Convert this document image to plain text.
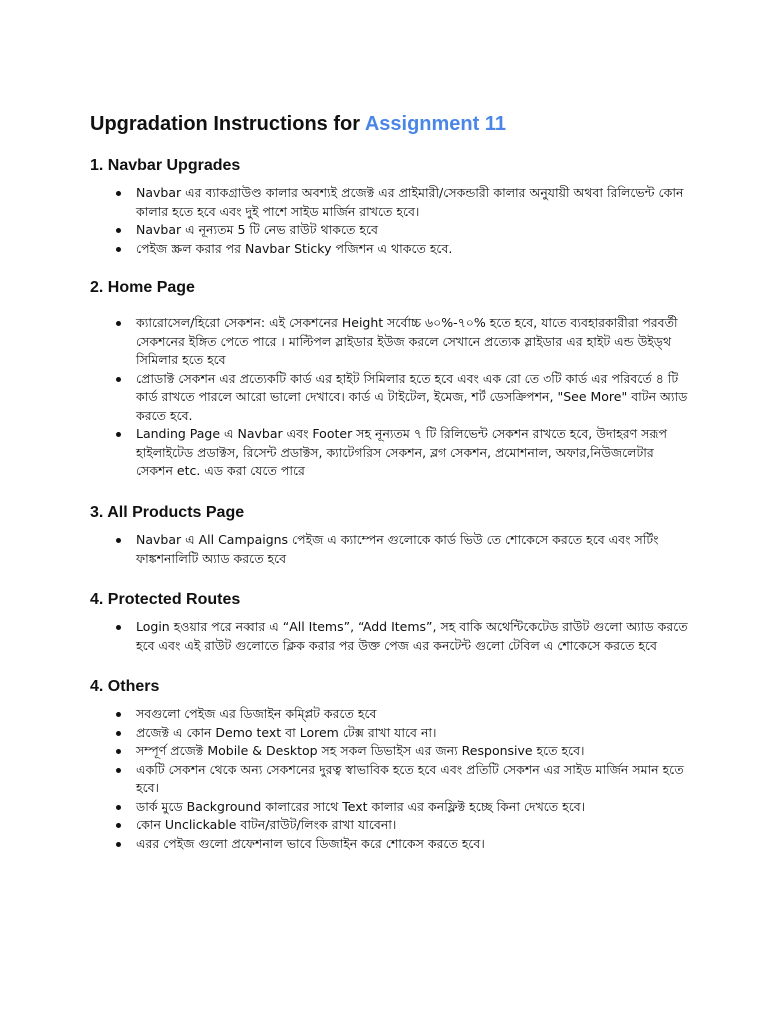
Upgradation Instructions for Assignment 11
1. Navbar Upgrades
Navbar এর ব্যাকগ্রাউণ্ড কালার অবশ্যই প্রজেক্ট এর প্রাইমারী/সেকন্ডারী কালার অনুযায়ী অথবা রিলিভেন্ট কোন কালার হতে হবে এবং দুই পাশে সাইড মার্জিন রাখতে হবে।
Navbar এ নূন্যতম 5 টি নেভ রাউট থাকতে হবে
পেইজ স্ক্রল করার পর Navbar Sticky পজিশন এ থাকতে হবে.
2. Home Page
ক্যারোসেল/হিরো সেকশন: এই সেকশনের Height সর্বোচ্চ ৬০%-৭০% হতে হবে, যাতে ব্যবহারকারীরা পরবর্তী সেকশনের ইঙ্গিত পেতে পারে । মাল্টিপল স্লাইডার ইউজ করলে সেখানে প্রত্যেক স্লাইডার এর হাইট এন্ড উইড্থ সিমিলার হতে হবে
প্রোডাক্ট সেকশন এর প্রত্যেকটি কার্ড এর হাইট সিমিলার হতে হবে এবং এক রো তে ৩টি কার্ড এর পরিবর্তে ৪ টি কার্ড রাখতে পারলে আরো ভালো দেখাবে। কার্ড এ টাইটেল, ইমেজ, শর্ট ডেসক্রিপশন, "See More" বাটন অ্যাড করতে হবে.
Landing Page এ Navbar এবং Footer সহ নূন্যতম ৭ টি রিলিভেন্ট সেকশন রাখতে হবে, উদাহরণ সরূপ হাইলাইটেড প্রডাক্টস, রিসেন্ট প্রডাক্টস, ক্যাটেগরিস সেকশন, ব্লগ সেকশন, প্রমোশনাল, অফার,নিউজলেটার সেকশন etc. এড করা যেতে পারে
3. All Products Page
Navbar এ All Campaigns পেইজ এ ক্যাম্পেন গুলোকে কার্ড ভিউ তে শোকেসে করতে হবে এবং সর্টিং ফাঙ্কশনালিটি অ্যাড করতে হবে
4. Protected Routes
Login হওয়ার পরে নব্বার এ “All Items”, “Add Items”, সহ বাকি অথেন্টিকেটেড রাউট গুলো অ্যাড করতে হবে এবং এই রাউট গুলোতে ক্লিক করার পর উক্ত পেজ এর কনটেন্ট গুলো টেবিল এ শোকেসে করতে হবে
4. Others
সবগুলো পেইজ এর ডিজাইন কম্প্লিট করতে হবে
প্রজেক্ট এ কোন Demo text বা Lorem টেক্স রাখা যাবে না।
সম্পূর্ণ প্রজেক্ট Mobile & Desktop সহ সকল ডিভাইস এর জন্য Responsive হতে হবে।
একটি সেকশন থেকে অন্য সেকশনের দুরত্ব স্বাভাবিক হতে হবে এবং প্রতিটি সেকশন এর সাইড মার্জিন সমান হতে হবে।
ডার্ক মুডে Background কালারের সাথে Text কালার এর কনফ্লিক্ট হচ্ছে কিনা দেখতে হবে।
কোন Unclickable বাটন/রাউট/লিংক রাখা যাবেনা।
এরর পেইজ গুলো প্রফেশনাল ভাবে ডিজাইন করে শোকেস করতে হবে।
